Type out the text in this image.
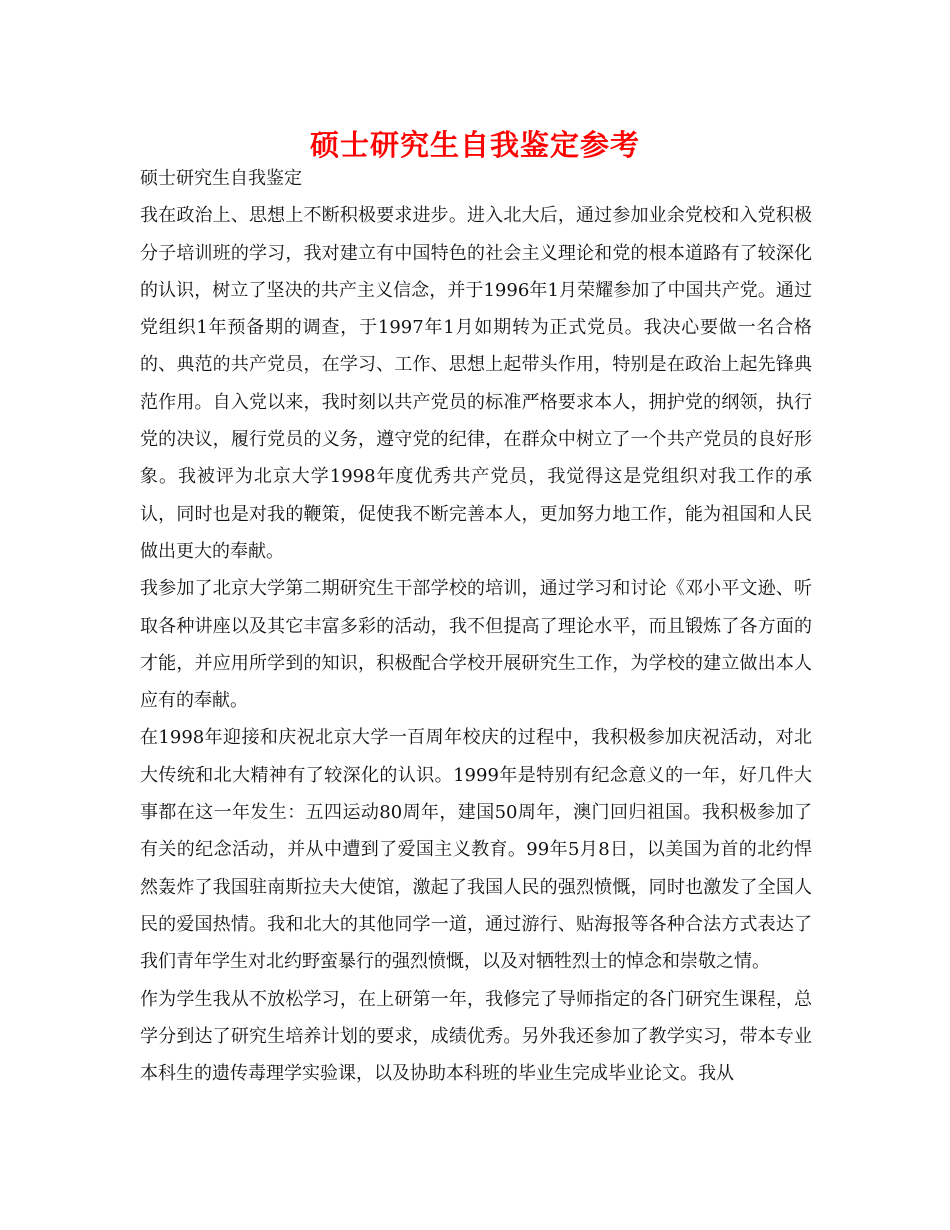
硕士研究生自我鉴定参考

硕士研究生自我鉴定

我在政治上、思想上不断积极要求进步。进入北大后，通过参加业余党校和入党积极分子培训班的学习，我对建立有中国特色的社会主义理论和党的根本道路有了较深化的认识，树立了坚决的共产主义信念，并于1996年1月荣耀参加了中国共产党。通过党组织1年预备期的调查，于1997年1月如期转为正式党员。我决心要做一名合格的、典范的共产党员，在学习、工作、思想上起带头作用，特别是在政治上起先锋典范作用。自入党以来，我时刻以共产党员的标准严格要求本人，拥护党的纲领，执行党的决议，履行党员的义务，遵守党的纪律，在群众中树立了一个共产党员的良好形象。我被评为北京大学1998年度优秀共产党员，我觉得这是党组织对我工作的承认，同时也是对我的鞭策，促使我不断完善本人，更加努力地工作，能为祖国和人民做出更大的奉献。

我参加了北京大学第二期研究生干部学校的培训，通过学习和讨论《邓小平文逊、听取各种讲座以及其它丰富多彩的活动，我不但提高了理论水平，而且锻炼了各方面的才能，并应用所学到的知识，积极配合学校开展研究生工作，为学校的建立做出本人应有的奉献。

在1998年迎接和庆祝北京大学一百周年校庆的过程中，我积极参加庆祝活动，对北大传统和北大精神有了较深化的认识。1999年是特别有纪念意义的一年，好几件大事都在这一年发生：五四运动80周年，建国50周年，澳门回归祖国。我积极参加了有关的纪念活动，并从中遭到了爱国主义教育。99年5月8日，以美国为首的北约悍然轰炸了我国驻南斯拉夫大使馆，激起了我国人民的强烈愤慨，同时也激发了全国人民的爱国热情。我和北大的其他同学一道，通过游行、贴海报等各种合法方式表达了我们青年学生对北约野蛮暴行的强烈愤慨，以及对牺牲烈士的悼念和崇敬之情。

作为学生我从不放松学习，在上研第一年，我修完了导师指定的各门研究生课程，总学分到达了研究生培养计划的要求，成绩优秀。另外我还参加了教学实习，带本专业本科生的遗传毒理学实验课，以及协助本科班的毕业生完成毕业论文。我从
